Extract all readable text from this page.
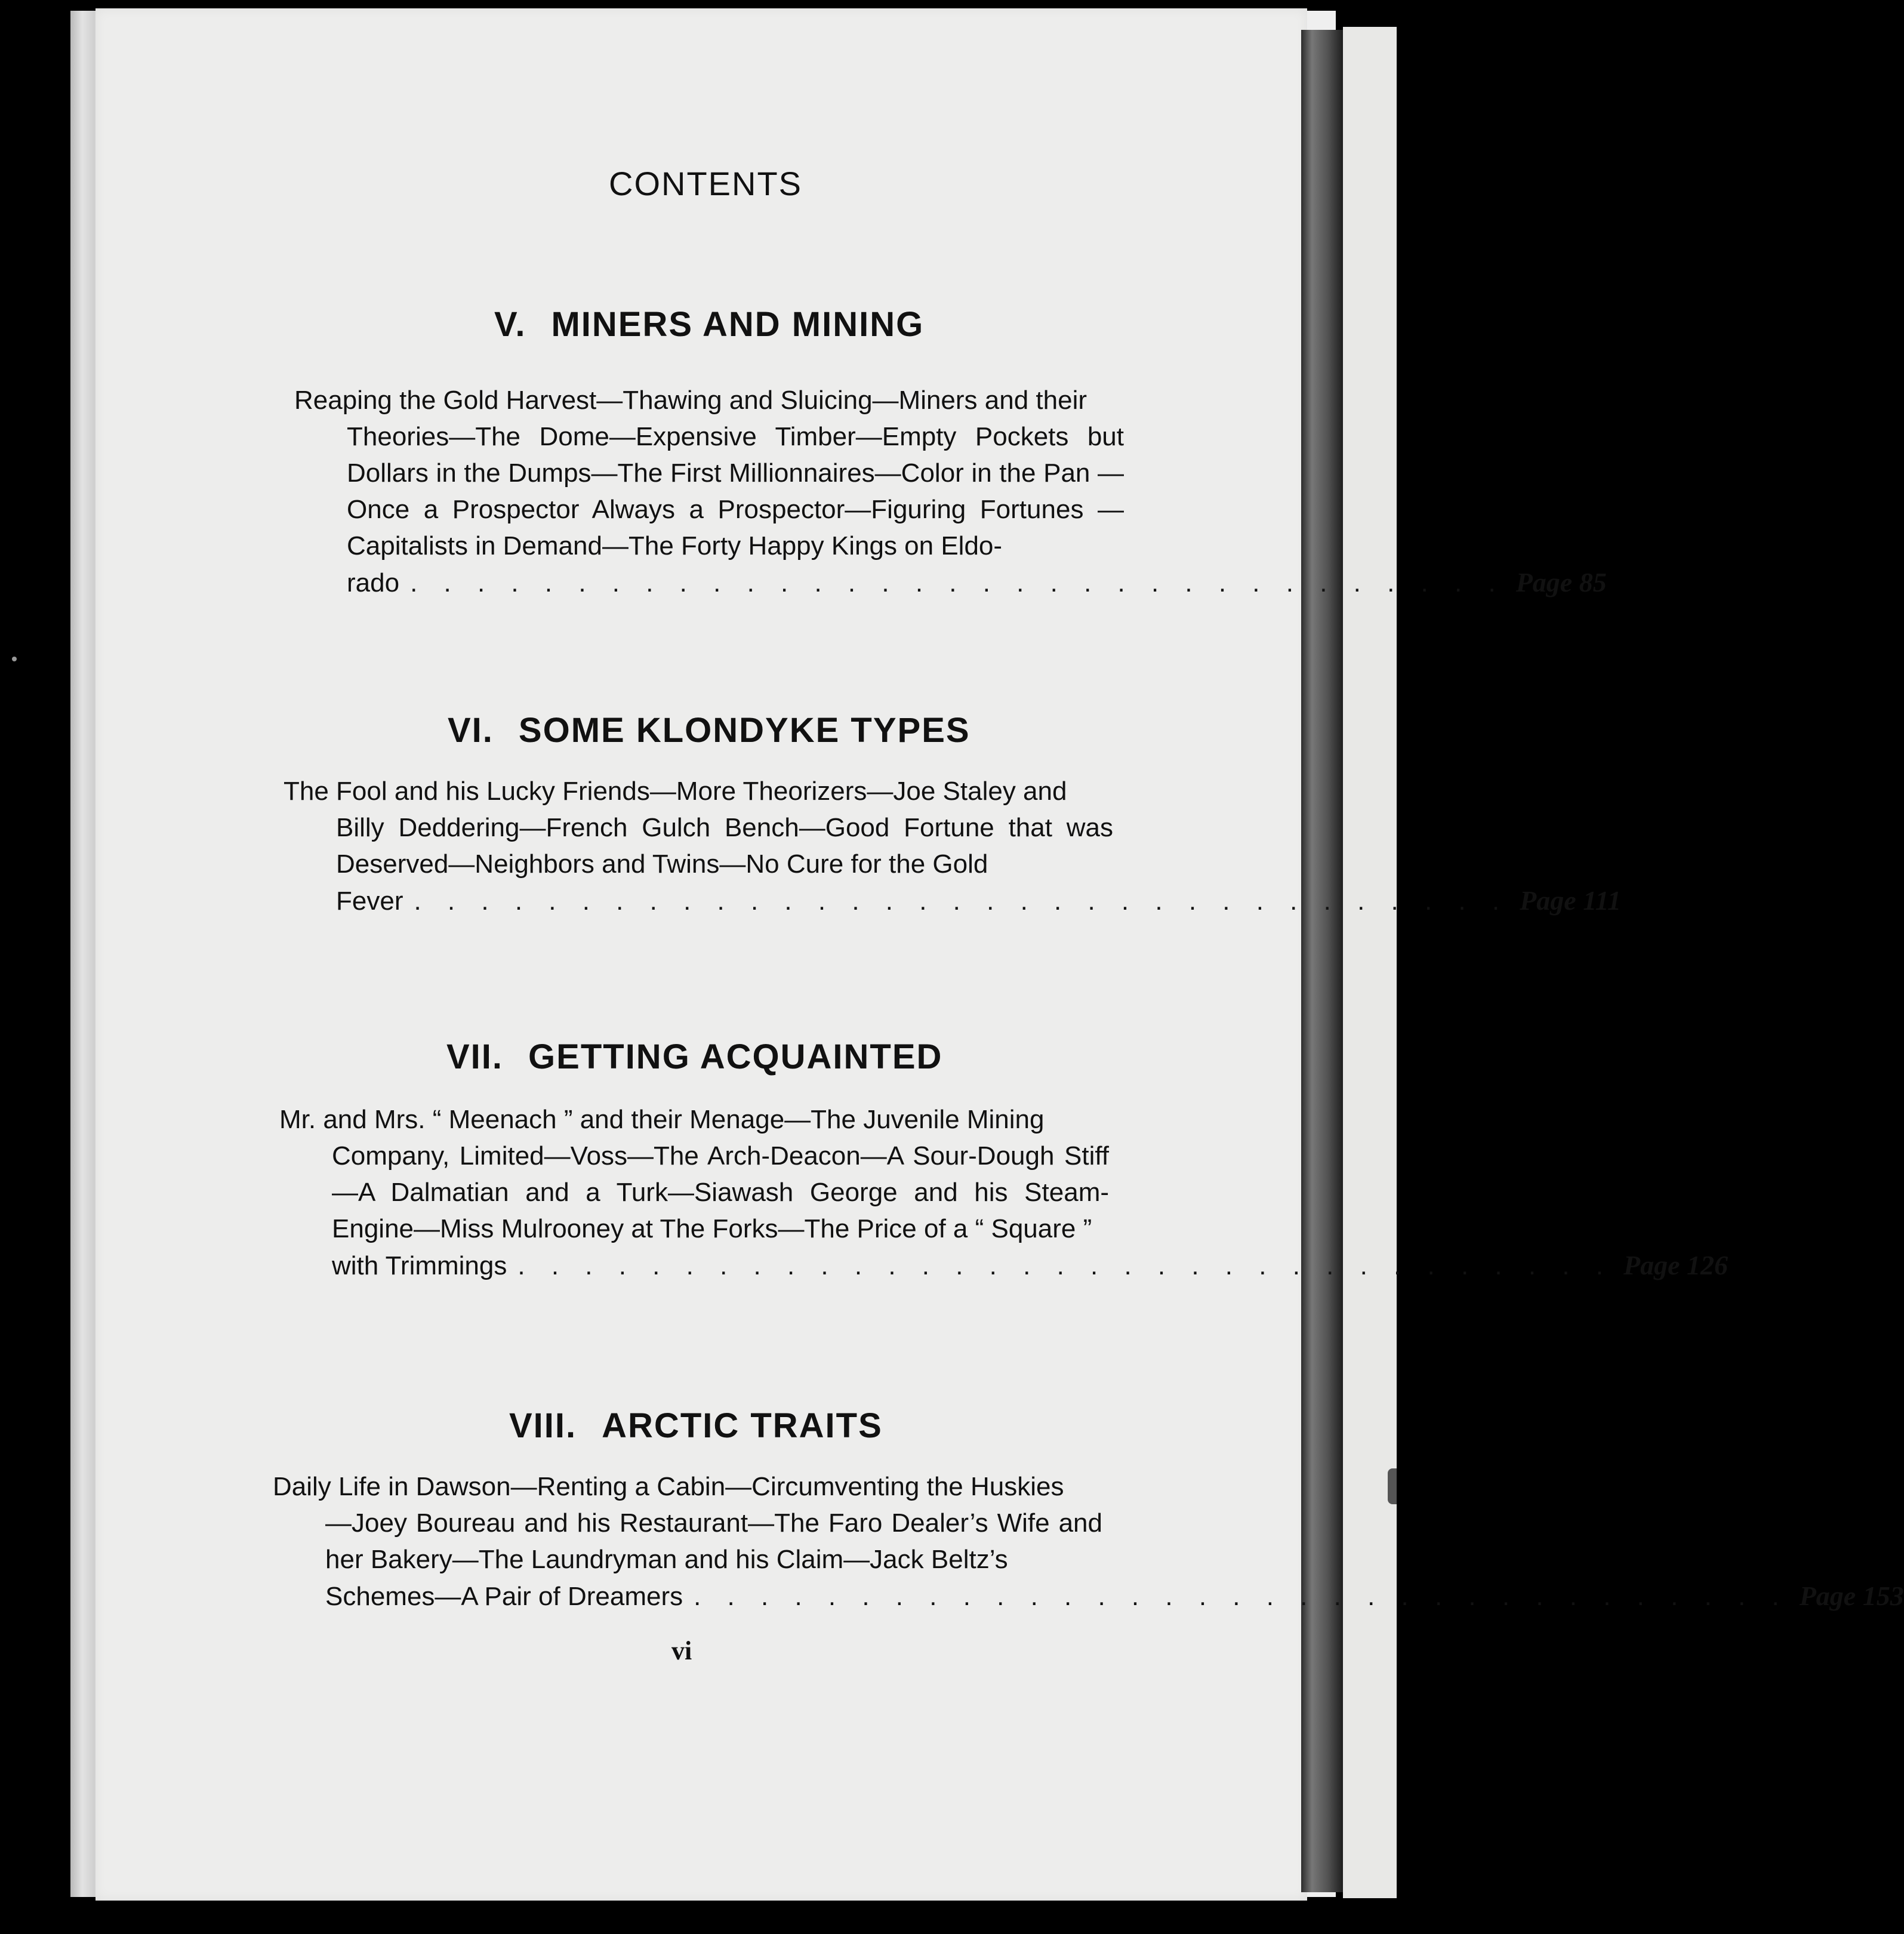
CONTENTS
V. MINERS AND MINING
Reaping the Gold Harvest—Thawing and Sluicing—Miners and their
Theories—The Dome—Expensive Timber—Empty Pockets but Dollars in the Dumps—The First Millionnaires—Color in the Pan —Once a Prospector Always a Prospector—Figuring Fortunes —Capitalists in Demand—The Forty Happy Kings on Eldo-
rado . . . . . . . . . . . . . . . . . . . . . . . . . . . . . . . . . Page 85
VI. SOME KLONDYKE TYPES
The Fool and his Lucky Friends—More Theorizers—Joe Staley and
Billy Deddering—French Gulch Bench—Good Fortune that was Deserved—Neighbors and Twins—No Cure for the Gold
Fever . . . . . . . . . . . . . . . . . . . . . . . . . . . . . . . . . Page 111
VII. GETTING ACQUAINTED
Mr. and Mrs. “ Meenach ” and their Menage—The Juvenile Mining
Company, Limited—Voss—The Arch-Deacon—A Sour-Dough Stiff—A Dalmatian and a Turk—Siawash George and his Steam-Engine—Miss Mulrooney at The Forks—The Price of a “ Square ”
with Trimmings . . . . . . . . . . . . . . . . . . . . . . . . . . . . . . . . . Page 126
VIII. ARCTIC TRAITS
Daily Life in Dawson—Renting a Cabin—Circumventing the Huskies
—Joey Boureau and his Restaurant—The Faro Dealer’s Wife and her Bakery—The Laundryman and his Claim—Jack Beltz’s
Schemes—A Pair of Dreamers . . . . . . . . . . . . . . . . . . . . . . . . . . . . . . . . . Page 153
vi
